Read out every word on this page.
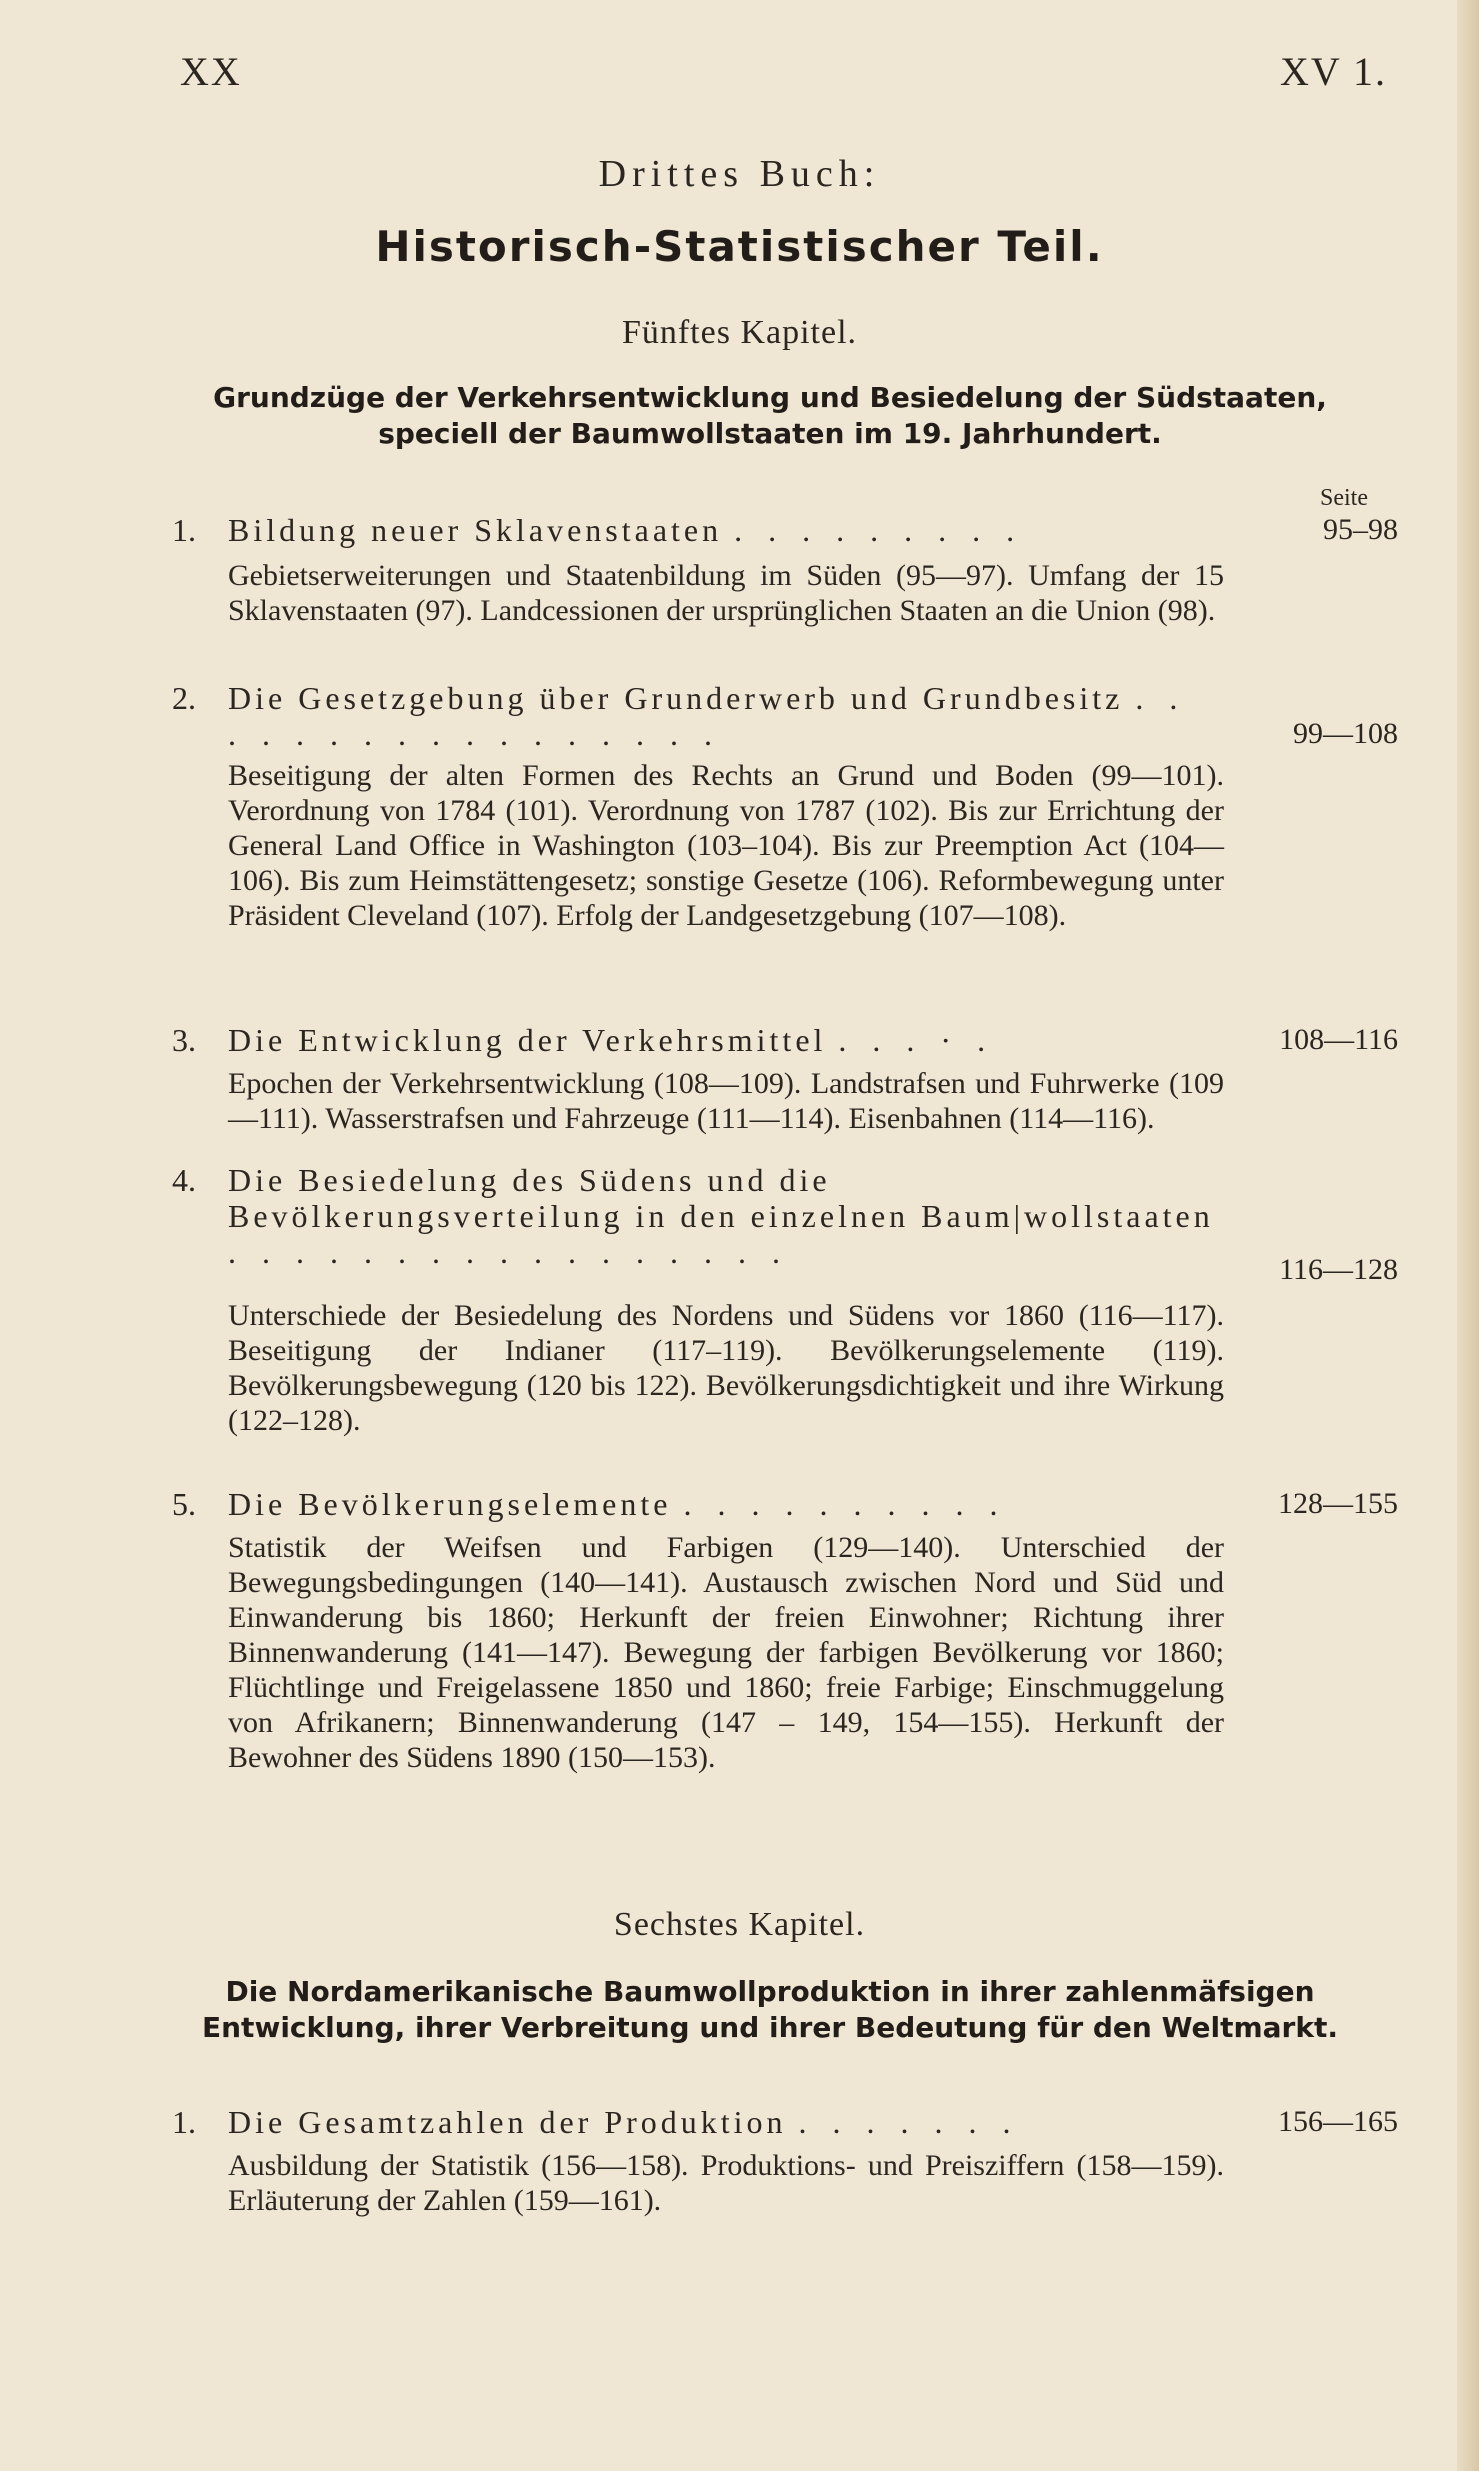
XX	XV 1.
Drittes Buch:
Historisch-Statistischer Teil.
Fünftes Kapitel.
Grundzüge der Verkehrsentwicklung und Besiedelung der Südstaaten, speciell der Baumwollstaaten im 19. Jahrhundert.
Seite
1.	Bildung neuer Sklavenstaaten . . . . . . . . .	95–98
Gebietserweiterungen und Staatenbildung im Süden (95—97). Umfang der 15 Sklavenstaaten (97). Landcessionen der ursprünglichen Staaten an die Union (98).
2.	Die Gesetzgebung über Grunderwerb und Grundbesitz . . . . . . . . . . . . . . . . .	99—108
Beseitigung der alten Formen des Rechts an Grund und Boden (99—101). Verordnung von 1784 (101). Verordnung von 1787 (102). Bis zur Errichtung der General Land Office in Washington (103–104). Bis zur Preemption Act (104—106). Bis zum Heimstättengesetz; sonstige Gesetze (106). Reformbewegung unter Präsident Cleveland (107). Erfolg der Landgesetzgebung (107—108).
3.	Die Entwicklung der Verkehrsmittel . . . · .	108—116
Epochen der Verkehrsentwicklung (108—109). Landstrafsen und Fuhrwerke (109—111). Wasserstrafsen und Fahrzeuge (111—114). Eisenbahnen (114—116).
4.	Die Besiedelung des Südens und die Bevölkerungsverteilung in den einzelnen Baum|wollstaaten . . . . . . . . . . . . . . . . .	116—128
Unterschiede der Besiedelung des Nordens und Südens vor 1860 (116—117). Beseitigung der Indianer (117–119). Bevölkerungselemente (119). Bevölkerungsbewegung (120 bis 122). Bevölkerungsdichtigkeit und ihre Wirkung (122–128).
5.	Die Bevölkerungselemente . . . . . . . . . .	128—155
Statistik der Weifsen und Farbigen (129—140). Unterschied der Bewegungsbedingungen (140—141). Austausch zwischen Nord und Süd und Einwanderung bis 1860; Herkunft der freien Einwohner; Richtung ihrer Binnenwanderung (141—147). Bewegung der farbigen Bevölkerung vor 1860; Flüchtlinge und Freigelassene 1850 und 1860; freie Farbige; Einschmuggelung von Afrikanern; Binnenwanderung (147 – 149, 154—155). Herkunft der Bewohner des Südens 1890 (150—153).
Sechstes Kapitel.
Die Nordamerikanische Baumwollproduktion in ihrer zahlenmäfsigen Entwicklung, ihrer Verbreitung und ihrer Bedeutung für den Weltmarkt.
1.	Die Gesamtzahlen der Produktion . . . . . . .	156—165
Ausbildung der Statistik (156—158). Produktions- und Preisziffern (158—159). Erläuterung der Zahlen (159—161).
